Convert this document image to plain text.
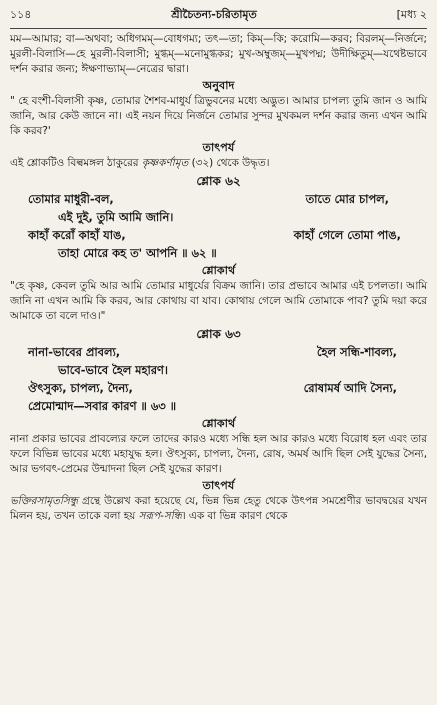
১১৪	শ্রীচৈতন্য-চরিতামৃত	[মধ্য ২

মম—আমার; বা—অথবা; অধিগমম্—বোধগম্য; তৎ—তা; কিম্—কি; করোমি—করব; বিরলম্—নির্জনে; মুরলী-বিলাসি—হে মুরলী-বিলাসী; মুগ্ধম্—মনোমুগ্ধকর; মুখ-অম্বুজম্—মুখপদ্ম; উদীক্ষিতুম্—যথেষ্টভাবে দর্শন করার জন্য; ঈক্ষণাভ্যাম্—নেত্রের দ্বারা।

অনুবাদ

" হে বংশী-বিলাসী কৃষ্ণ, তোমার শৈশব-মাধুর্য ত্রিভুবনের মধ্যে অদ্ভুত। আমার চাপল্য তুমি জান ও আমি জানি, আর কেউ জানে না। এই নয়ন দিয়ে নির্জনে তোমার সুন্দর মুখকমল দর্শন করার জন্য এখন আমি কি করব?'

তাৎপর্য

এই শ্লোকটিও বিল্বমঙ্গল ঠাকুরের কৃষ্ণকর্ণামৃত (৩২) থেকে উদ্ধৃত।

শ্লোক ৬২
তোমার মাধুরী-বল,	তাতে মোর চাপল,
এই দুই, তুমি আমি জানি।
কাহাঁ করোঁ কাহাঁ যাঙ,	কাহাঁ গেলে তোমা পাঙ,
তাহা মোরে কহ ত' আপনি ॥ ৬২ ॥
শ্লোকার্থ

"হে কৃষ্ণ, কেবল তুমি আর আমি তোমার মাধুর্যের বিক্রম জানি। তার প্রভাবে আমার এই চপলতা। আমি জানি না এখন আমি কি করব, আর কোথায় বা যাব। কোথায় গেলে আমি তোমাকে পাব? তুমি দয়া করে আমাকে তা বলে দাও।"

শ্লোক ৬৩
নানা-ভাবের প্রাবল্য,	হৈল সন্ধি-শাবল্য,
ভাবে-ভাবে হৈল মহারণ।
ঔৎসুক্য, চাপল্য, দৈন্য,	রোষামর্ষ আদি সৈন্য,
প্রেমোন্মাদ—সবার কারণ ॥ ৬৩ ॥
শ্লোকার্থ

নানা প্রকার ভাবের প্রাবল্যের ফলে তাদের কারও মধ্যে সন্ধি হল আর কারও মধ্যে বিরোধ হল এবং তার ফলে বিভিন্ন ভাবের মধ্যে মহাযুদ্ধ হল। ঔৎসুক্য, চাপল্য, দৈন্য, রোষ, অমর্ষ আদি ছিল সেই যুদ্ধের সৈন্য, আর ভগবৎ-প্রেমের উন্মাদনা ছিল সেই যুদ্ধের কারণ।

তাৎপর্য

ভক্তিরসামৃতসিন্ধু গ্রন্থে উল্লেখ করা হয়েছে যে, ভিন্ন ভিন্ন হেতু থেকে উৎপন্ন সমশ্রেণীর ভাবদ্বয়ের যখন মিলন হয়, তখন তাকে বলা হয় সরূপ-সন্ধি। এক বা ভিন্ন কারণ থেকে
